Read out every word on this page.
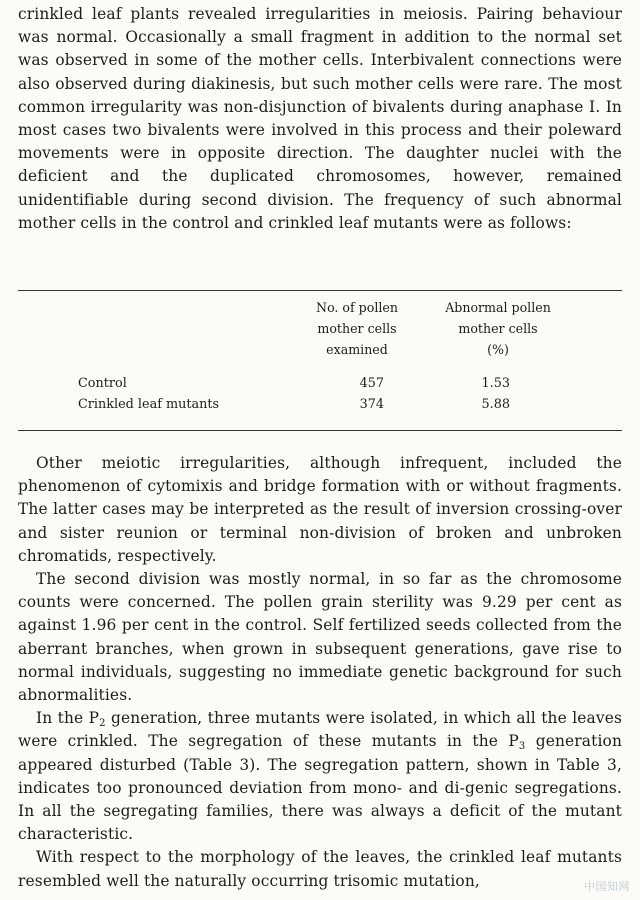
crinkled leaf plants revealed irregularities in meiosis. Pairing behaviour was normal. Occasionally a small fragment in addition to the normal set was observed in some of the mother cells. Interbivalent connections were also observed during diakinesis, but such mother cells were rare. The most common irregularity was non-disjunction of bivalents during anaphase I. In most cases two bivalents were involved in this process and their poleward movements were in opposite direction. The daughter nuclei with the deficient and the duplicated chromosomes, however, remained unidentifiable during second division. The frequency of such abnormal mother cells in the control and crinkled leaf mutants were as follows:

No. of pollen
mother cells
examined
Abnormal pollen
mother cells
(%)
Control	457	1.53
Crinkled leaf mutants	374	5.88

Other meiotic irregularities, although infrequent, included the phenomenon of cytomixis and bridge formation with or without fragments. The latter cases may be interpreted as the result of inversion crossing-over and sister reunion or terminal non-division of broken and unbroken chromatids, respectively.

The second division was mostly normal, in so far as the chromosome counts were concerned. The pollen grain sterility was 9.29 per cent as against 1.96 per cent in the control. Self fertilized seeds collected from the aberrant branches, when grown in subsequent generations, gave rise to normal individuals, suggesting no immediate genetic background for such abnormalities.

In the $P_2$ generation, three mutants were isolated, in which all the leaves were crinkled. The segregation of these mutants in the $P_3$ generation appeared disturbed (Table 3). The segregation pattern, shown in Table 3, indicates too pronounced deviation from mono- and di-genic segregations. In all the segregating families, there was always a deficit of the mutant characteristic.

With respect to the morphology of the leaves, the crinkled leaf mutants resembled well the naturally occurring trisomic mutation,	中国知网
